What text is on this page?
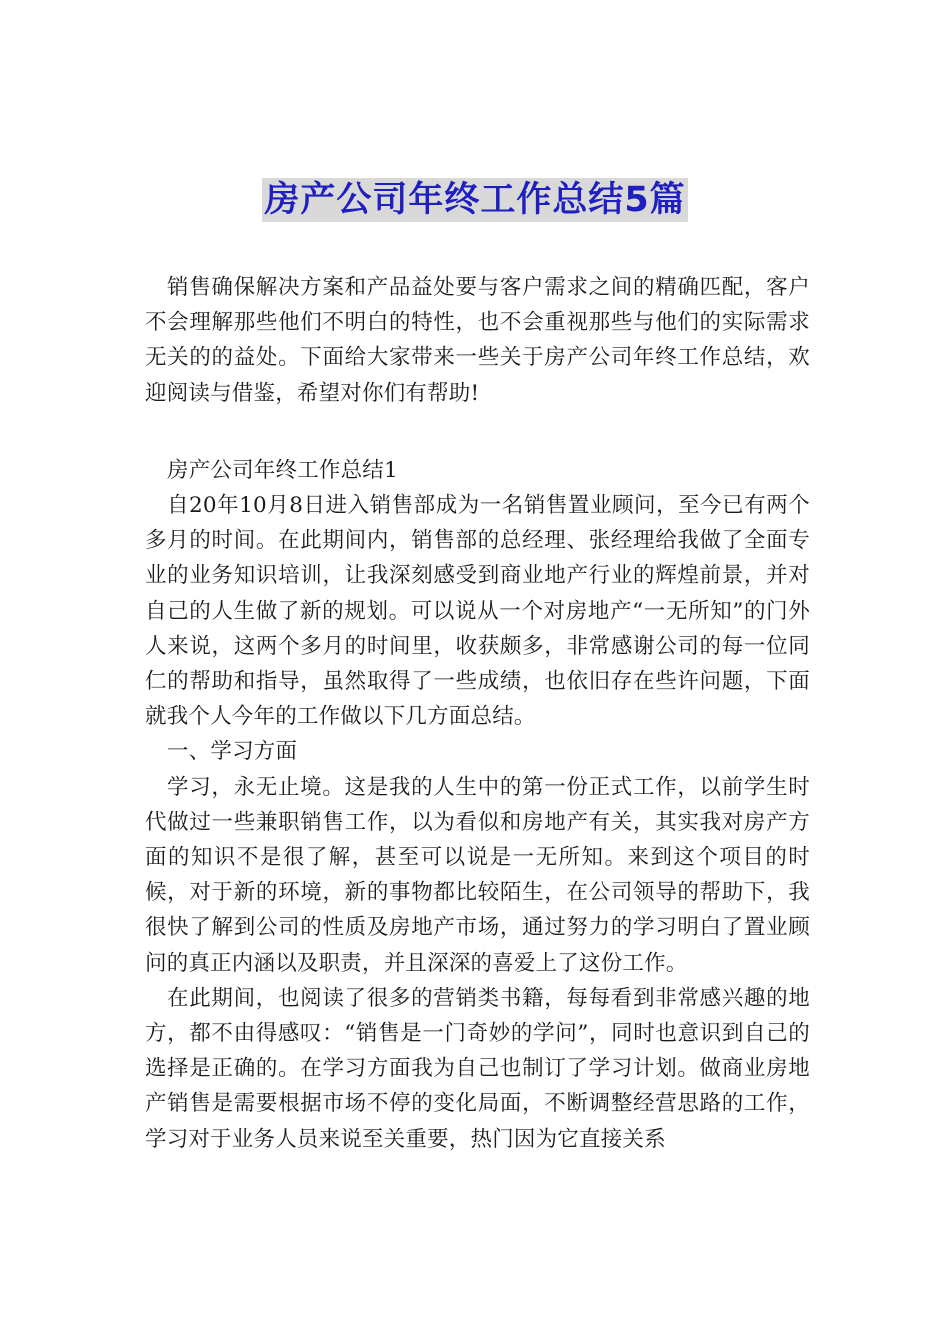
房产公司年终工作总结5篇

销售确保解决方案和产品益处要与客户需求之间的精确匹配，客户不会理解那些他们不明白的特性，也不会重视那些与他们的实际需求无关的的益处。下面给大家带来一些关于房产公司年终工作总结，欢迎阅读与借鉴，希望对你们有帮助!

房产公司年终工作总结1

自20年10月8日进入销售部成为一名销售置业顾问，至今已有两个多月的时间。在此期间内，销售部的总经理、张经理给我做了全面专业的业务知识培训，让我深刻感受到商业地产行业的辉煌前景，并对自己的人生做了新的规划。可以说从一个对房地产“一无所知”的门外人来说，这两个多月的时间里，收获颇多，非常感谢公司的每一位同仁的帮助和指导，虽然取得了一些成绩，也依旧存在些许问题，下面就我个人今年的工作做以下几方面总结。

一、学习方面

学习，永无止境。这是我的人生中的第一份正式工作，以前学生时代做过一些兼职销售工作，以为看似和房地产有关，其实我对房产方面的知识不是很了解，甚至可以说是一无所知。来到这个项目的时候，对于新的环境，新的事物都比较陌生，在公司领导的帮助下，我很快了解到公司的性质及房地产市场，通过努力的学习明白了置业顾问的真正内涵以及职责，并且深深的喜爱上了这份工作。

在此期间，也阅读了很多的营销类书籍，每每看到非常感兴趣的地方，都不由得感叹：“销售是一门奇妙的学问”，同时也意识到自己的选择是正确的。在学习方面我为自己也制订了学习计划。做商业房地产销售是需要根据市场不停的变化局面，不断调整经营思路的工作，学习对于业务人员来说至关重要，热门因为它直接关系
